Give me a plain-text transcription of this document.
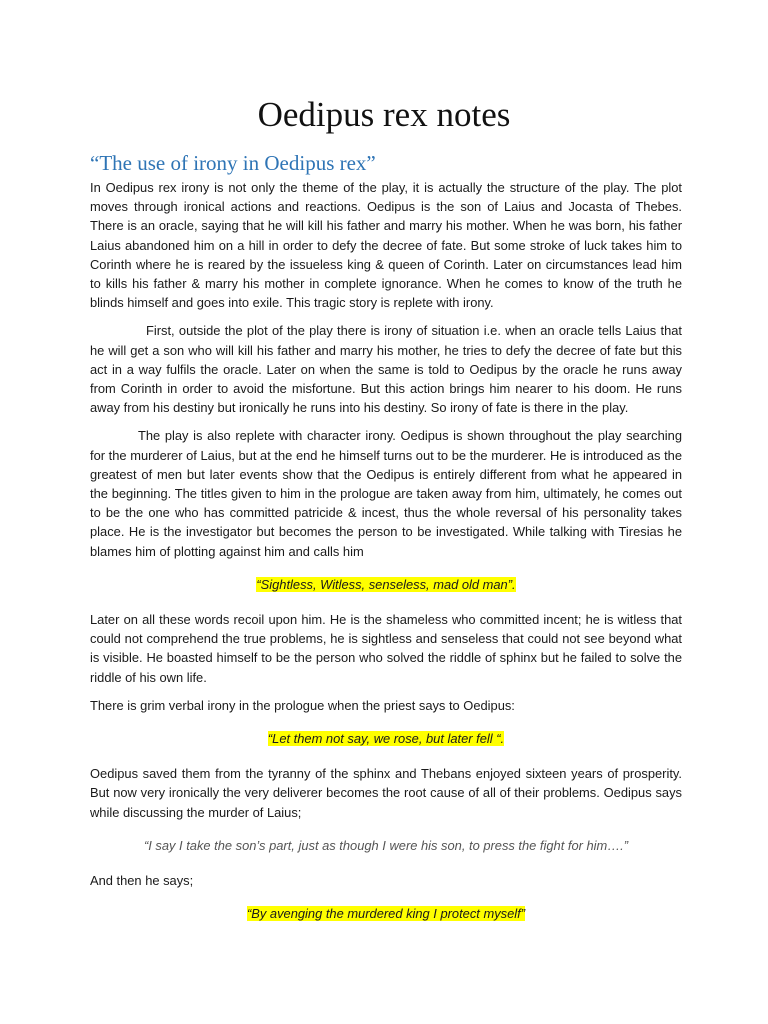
Oedipus rex notes
“The use of irony in Oedipus rex”

In Oedipus rex irony is not only the theme of the play, it is actually the structure of the play. The plot moves through ironical actions and reactions. Oedipus is the son of Laius and Jocasta of Thebes. There is an oracle, saying that he will kill his father and marry his mother. When he was born, his father Laius abandoned him on a hill in order to defy the decree of fate. But some stroke of luck takes him to Corinth where he is reared by the issueless king & queen of Corinth. Later on circumstances lead him to kills his father & marry his mother in complete ignorance. When he comes to know of the truth he blinds himself and goes into exile. This tragic story is replete with irony.

First, outside the plot of the play there is irony of situation i.e. when an oracle tells Laius that he will get a son who will kill his father and marry his mother, he tries to defy the decree of fate but this act in a way fulfils the oracle. Later on when the same is told to Oedipus by the oracle he runs away from Corinth in order to avoid the misfortune. But this action brings him nearer to his doom. He runs away from his destiny but ironically he runs into his destiny. So irony of fate is there in the play.

The play is also replete with character irony. Oedipus is shown throughout the play searching for the murderer of Laius, but at the end he himself turns out to be the murderer. He is introduced as the greatest of men but later events show that the Oedipus is entirely different from what he appeared in the beginning. The titles given to him in the prologue are taken away from him, ultimately, he comes out to be the one who has committed patricide & incest, thus the whole reversal of his personality takes place. He is the investigator but becomes the person to be investigated. While talking with Tiresias he blames him of plotting against him and calls him

“Sightless, Witless, senseless, mad old man”.

Later on all these words recoil upon him. He is the shameless who committed incent; he is witless that could not comprehend the true problems, he is sightless and senseless that could not see beyond what is visible. He boasted himself to be the person who solved the riddle of sphinx but he failed to solve the riddle of his own life.

There is grim verbal irony in the prologue when the priest says to Oedipus:

“Let them not say, we rose, but later fell “.

Oedipus saved them from the tyranny of the sphinx and Thebans enjoyed sixteen years of prosperity. But now very ironically the very deliverer becomes the root cause of all of their problems. Oedipus says while discussing the murder of Laius;

“I say I take the son’s part, just as though I were his son, to press the fight for him….”

And then he says;

“By avenging the murdered king I protect myself”
